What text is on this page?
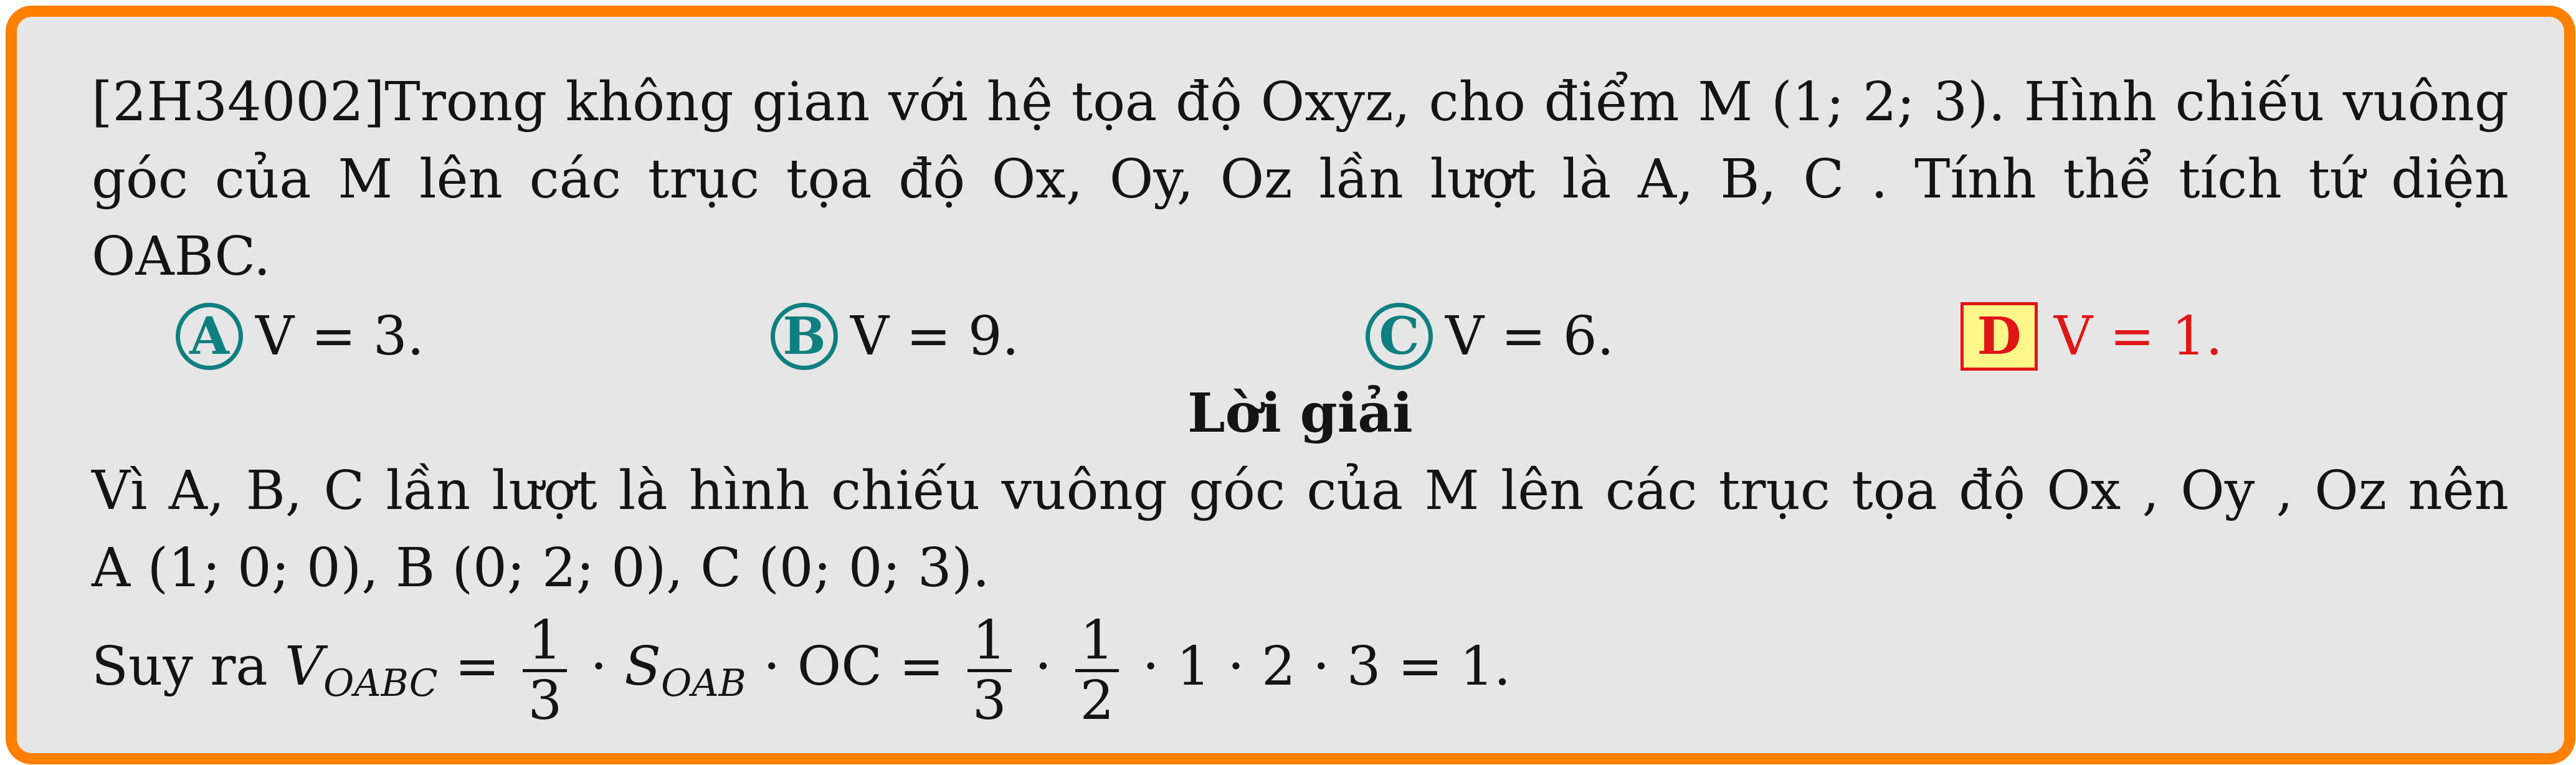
[2H34002]Trong không gian với hệ tọa độ Oxyz, cho điểm M (1; 2; 3). Hình chiếu vuông
góc của M lên các trục tọa độ Ox, Oy, Oz lần lượt là A, B, C . Tính thể tích tứ diện
OABC.
A V = 3.	B V = 9.	C V = 6.	D V = 1.
Lời giải
Vì A, B, C lần lượt là hình chiếu vuông góc của M lên các trục tọa độ Ox , Oy , Oz nên
A (1; 0; 0), B (0; 2; 0), C (0; 0; 3).
Suy ra $V_{OABC} = \frac{1}{3} \cdot S_{OAB}$ · OC = $\frac{1}{3} \cdot \frac{1}{2} \cdot 1 \cdot 2 \cdot 3 = 1$.
